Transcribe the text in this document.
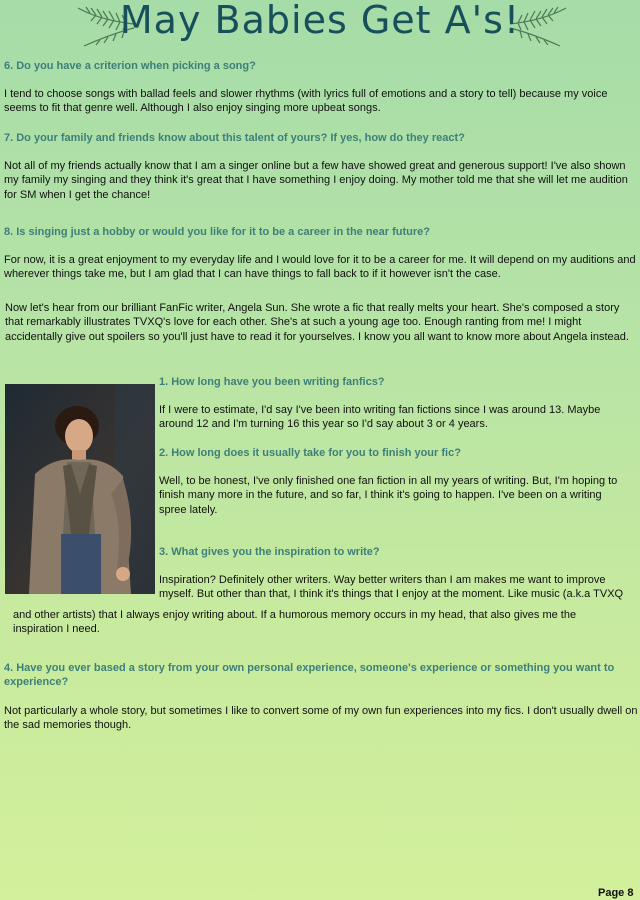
May Babies Get A's!

6. Do you have a criterion when picking a song?

I tend to choose songs with ballad feels and slower rhythms (with lyrics full of emotions and a story to tell) because my voice seems to fit that genre well. Although I also enjoy singing more upbeat songs.

7. Do your family and friends know about this talent of yours? If yes, how do they react?

Not all of my friends actually know that I am a singer online but a few have showed great and generous support! I've also shown my family my singing and they think it's great that I have something I enjoy doing. My mother told me that she will let me audition for SM when I get the chance!

8. Is singing just a hobby or would you like for it to be a career in the near future?

For now, it is a great enjoyment to my everyday life and I would love for it to be a career for me. It will depend on my auditions and wherever things take me, but I am glad that I can have things to fall back to if it however isn't the case.

Now let's hear from our brilliant FanFic writer, Angela Sun. She wrote a fic that really melts your heart. She's composed a story that remarkably illustrates TVXQ's love for each other. She's at such a young age too. Enough ranting from me! I might accidentally give out spoilers so you'll just have to read it for yourselves. I know you all want to know more about Angela instead.

1. How long have you been writing fanfics?

If I were to estimate, I'd say I've been into writing fan fictions since I was around 13. Maybe around 12 and I'm turning 16 this year so I'd say about 3 or 4 years.

2. How long does it usually take for you to finish your fic?

Well, to be honest, I've only finished one fan fiction in all my years of writing. But, I'm hoping to finish many more in the future, and so far, I think it's going to happen. I've been on a writing spree lately.

3. What gives you the inspiration to write?

Inspiration? Definitely other writers. Way better writers than I am makes me want to improve myself. But other than that, I think it's things that I enjoy at the moment. Like music (a.k.a TVXQ

and other artists) that I always enjoy writing about. If a humorous memory occurs in my head, that also gives me the inspiration I need.

4. Have you ever based a story from your own personal experience, someone's experience or something you want to experience?

Not particularly a whole story, but sometimes I like to convert some of my own fun experiences into my fics. I don't usually dwell on the sad memories though.

Page 8
